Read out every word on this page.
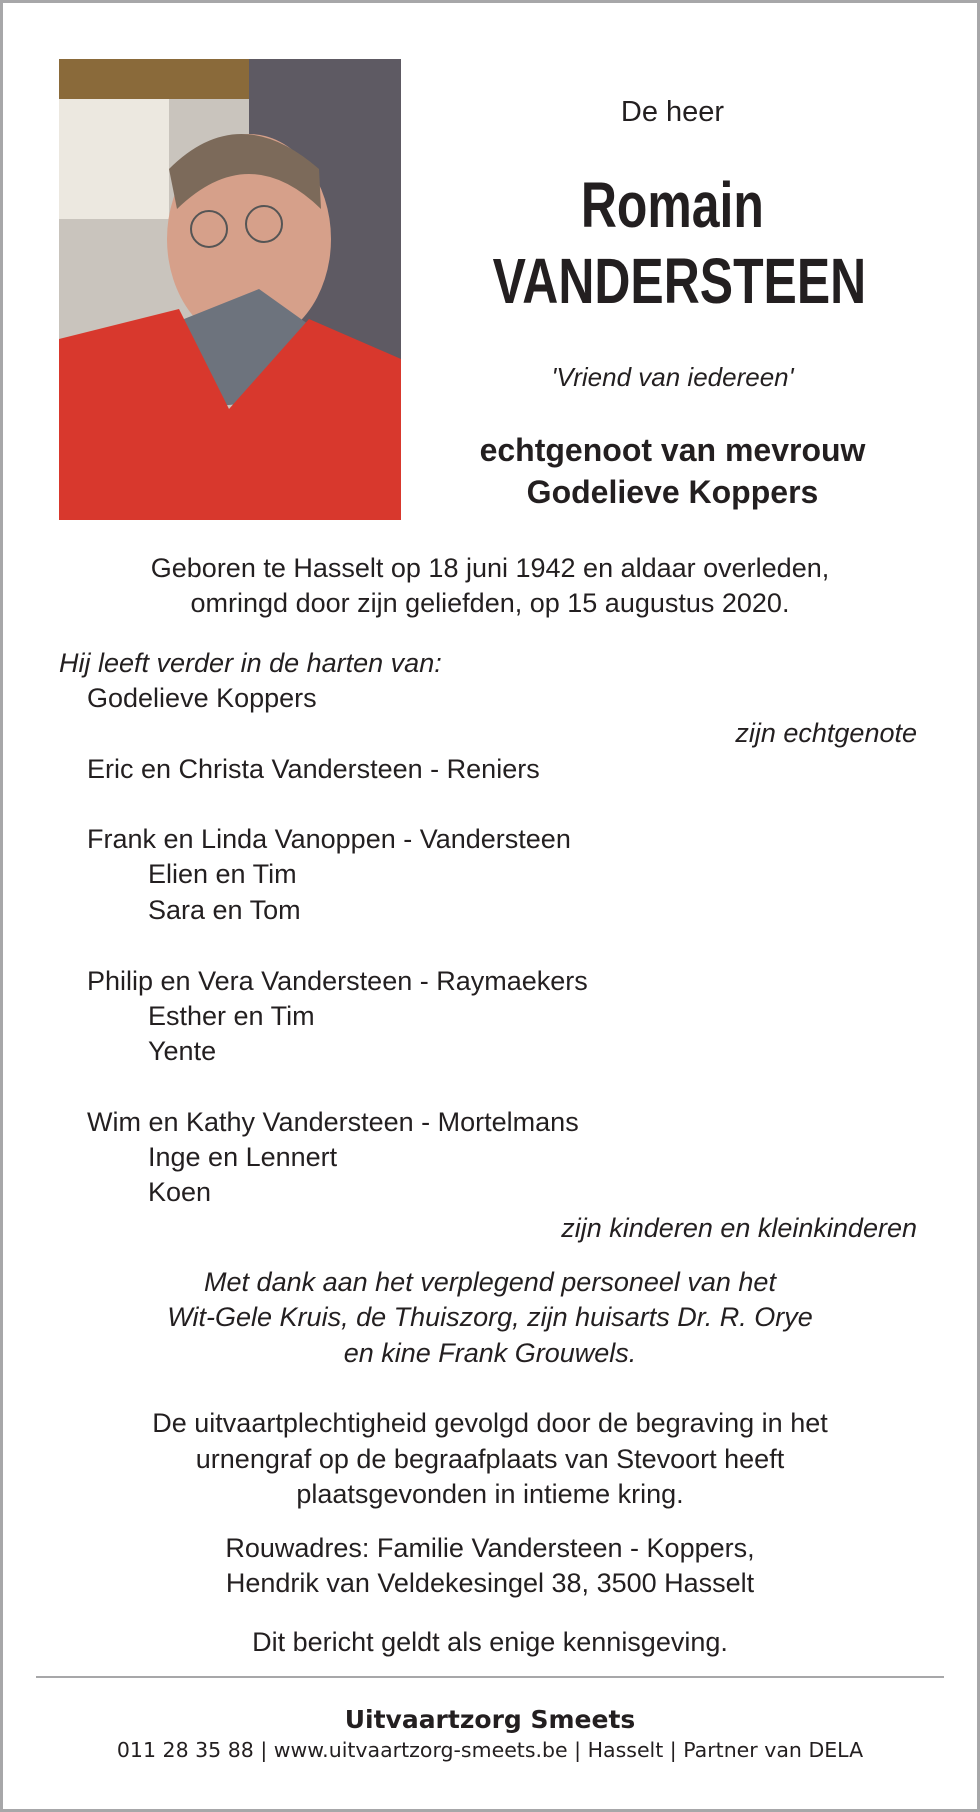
De heer
Romain
VANDERSTEEN
'Vriend van iedereen'
echtgenoot van mevrouw
Godelieve Koppers
Geboren te Hasselt op 18 juni 1942 en aldaar overleden,
omringd door zijn geliefden, op 15 augustus 2020.
Hij leeft verder in de harten van:
Godelieve Koppers
zijn echtgenote
Eric en Christa Vandersteen - Reniers
Frank en Linda Vanoppen - Vandersteen
Elien en Tim
Sara en Tom
Philip en Vera Vandersteen - Raymaekers
Esther en Tim
Yente
Wim en Kathy Vandersteen - Mortelmans
Inge en Lennert
Koen
zijn kinderen en kleinkinderen
Met dank aan het verplegend personeel van het
Wit-Gele Kruis, de Thuiszorg, zijn huisarts Dr. R. Orye
en kine Frank Grouwels.
De uitvaartplechtigheid gevolgd door de begraving in het
urnengraf op de begraafplaats van Stevoort heeft
plaatsgevonden in intieme kring.
Rouwadres: Familie Vandersteen - Koppers,
Hendrik van Veldekesingel 38, 3500 Hasselt
Dit bericht geldt als enige kennisgeving.
Uitvaartzorg Smeets
011 28 35 88 | www.uitvaartzorg-smeets.be | Hasselt | Partner van DELA
